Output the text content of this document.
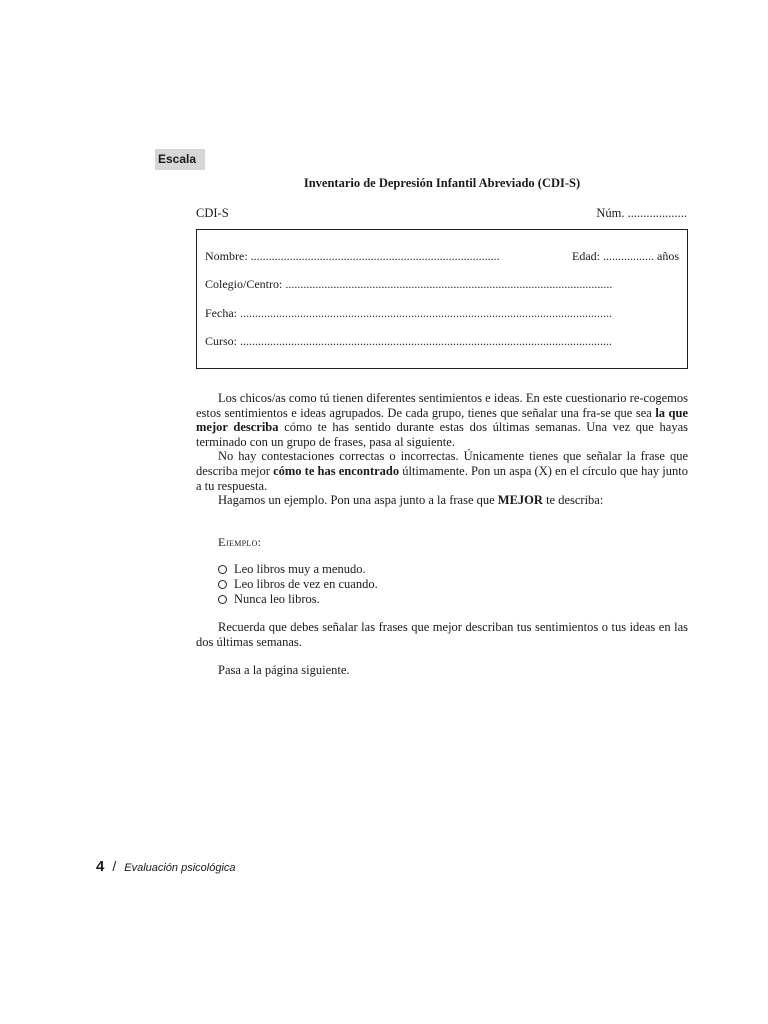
Escala
Inventario de Depresión Infantil Abreviado (CDI-S)
CDI-S	Núm. ...................
Nombre: ...................................................................................	Edad: ................. años
Colegio/Centro: .............................................................................................................
Fecha: ............................................................................................................................
Curso: ............................................................................................................................

Los chicos/as como tú tienen diferentes sentimientos e ideas. En este cuestionario re-cogemos estos sentimientos e ideas agrupados. De cada grupo, tienes que señalar una fra-se que sea la que mejor describa cómo te has sentido durante estas dos últimas semanas. Una vez que hayas terminado con un grupo de frases, pasa al siguiente.

No hay contestaciones correctas o incorrectas. Únicamente tienes que señalar la frase que describa mejor cómo te has encontrado últimamente. Pon un aspa (X) en el círculo que hay junto a tu respuesta.

Hagamos un ejemplo. Pon una aspa junto a la frase que MEJOR te describa:

Ejemplo:
Leo libros muy a menudo.
Leo libros de vez en cuando.
Nunca leo libros.
Recuerda que debes señalar las frases que mejor describan tus sentimientos o tus ideas en las dos últimas semanas.
Pasa a la página siguiente.
4 / Evaluación psicológica
